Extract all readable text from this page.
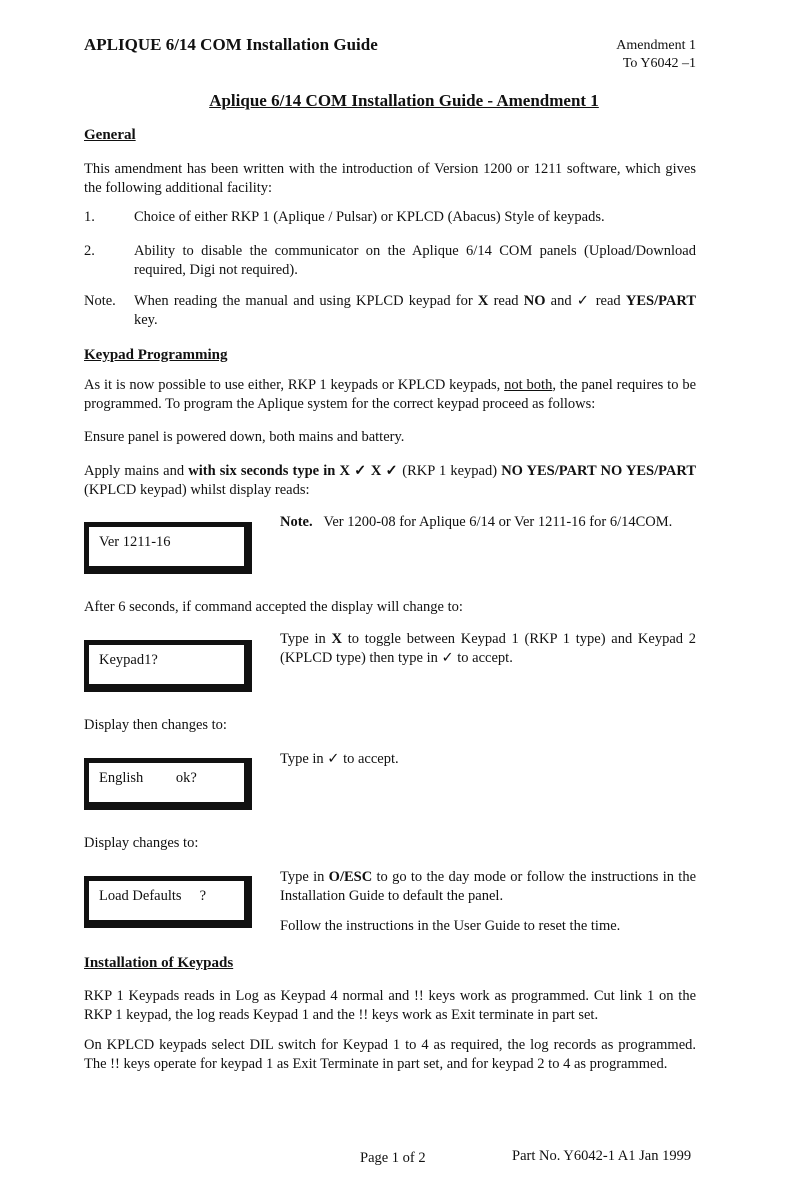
APLIQUE 6/14 COM Installation Guide	Amendment 1
To Y6042 –1
Aplique 6/14 COM Installation Guide - Amendment 1
General
This amendment has been written with the introduction of Version 1200 or 1211 software, which gives the following additional facility:
1.	Choice of either RKP 1 (Aplique / Pulsar) or KPLCD (Abacus) Style of keypads.
2.	Ability to disable the communicator on the Aplique 6/14 COM panels (Upload/Download required, Digi not required).
Note.	When reading the manual and using KPLCD keypad for X read NO and ✓ read YES/PART key.
Keypad Programming
As it is now possible to use either, RKP 1 keypads or KPLCD keypads, not both, the panel requires to be programmed. To program the Aplique system for the correct keypad proceed as follows:
Ensure panel is powered down, both mains and battery.
Apply mains and with six seconds type in X ✓ X ✓ (RKP 1 keypad) NO YES/PART NO YES/PART (KPLCD keypad) whilst display reads:
Ver 1211-16
Note. Ver 1200-08 for Aplique 6/14 or Ver 1211-16 for 6/14COM.
After 6 seconds, if command accepted the display will change to:
Keypad1?
Type in X to toggle between Keypad 1 (RKP 1 type) and Keypad 2 (KPLCD type) then type in ✓ to accept.
Display then changes to:
English         ok?
Type in ✓ to accept.
Display changes to:
Load Defaults     ?
Type in O/ESC to go to the day mode or follow the instructions in the Installation Guide to default the panel.
Follow the instructions in the User Guide to reset the time.
Installation of Keypads
RKP 1 Keypads reads in Log as Keypad 4 normal and !! keys work as programmed. Cut link 1 on the RKP 1 keypad, the log reads Keypad 1 and the !! keys work as Exit terminate in part set.
On KPLCD keypads select DIL switch for Keypad 1 to 4 as required, the log records as programmed. The !! keys operate for keypad 1 as Exit Terminate in part set, and for keypad 2 to 4 as programmed.
Page 1 of 2	Part No. Y6042-1 A1 Jan 1999
